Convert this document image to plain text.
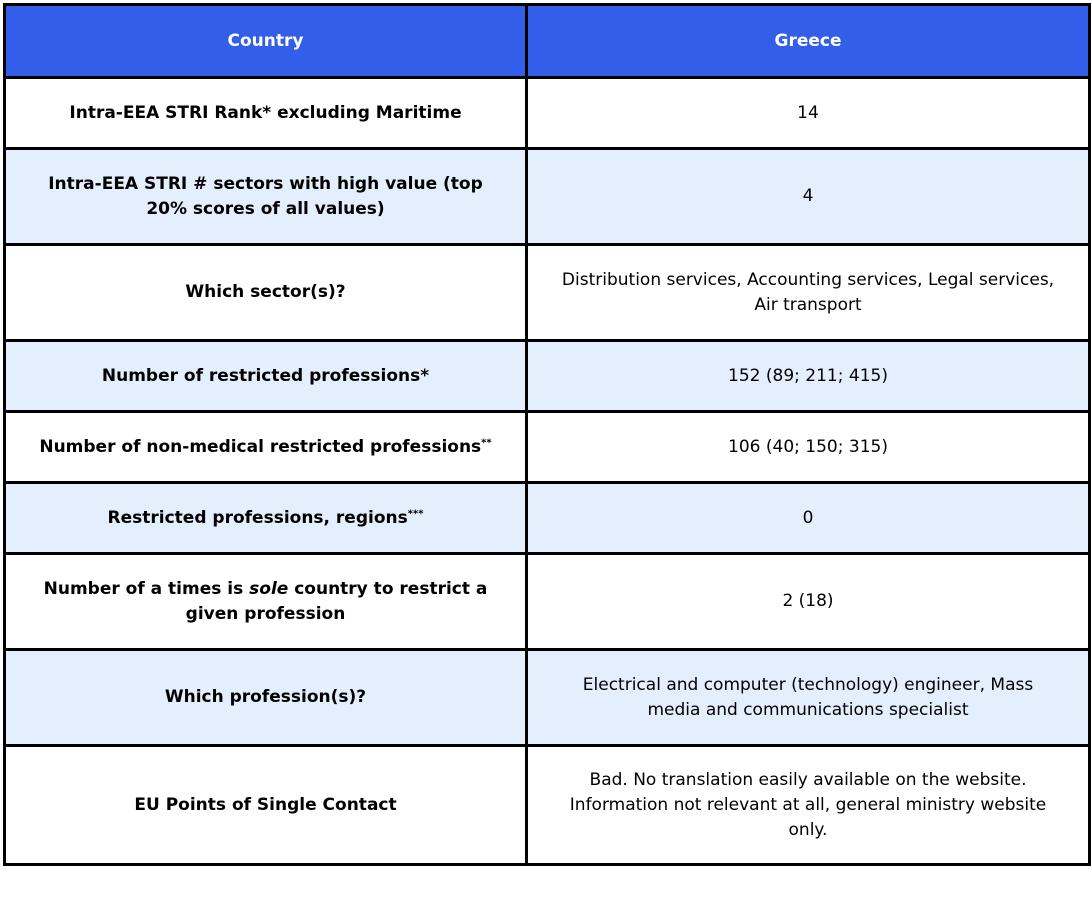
Country	Greece
Intra-EEA STRI Rank* excluding Maritime	14
Intra-EEA STRI # sectors with high value (top 20% scores of all values)	4
Which sector(s)?	Distribution services, Accounting services, Legal services, Air transport
Number of restricted professions*	152 (89; 211; 415)
Number of non-medical restricted professions**	106 (40; 150; 315)
Restricted professions, regions***	0
Number of a times is sole country to restrict a given profession	2 (18)
Which profession(s)?	Electrical and computer (technology) engineer, Mass media and communications specialist
EU Points of Single Contact	Bad. No translation easily available on the website. Information not relevant at all, general ministry website only.
